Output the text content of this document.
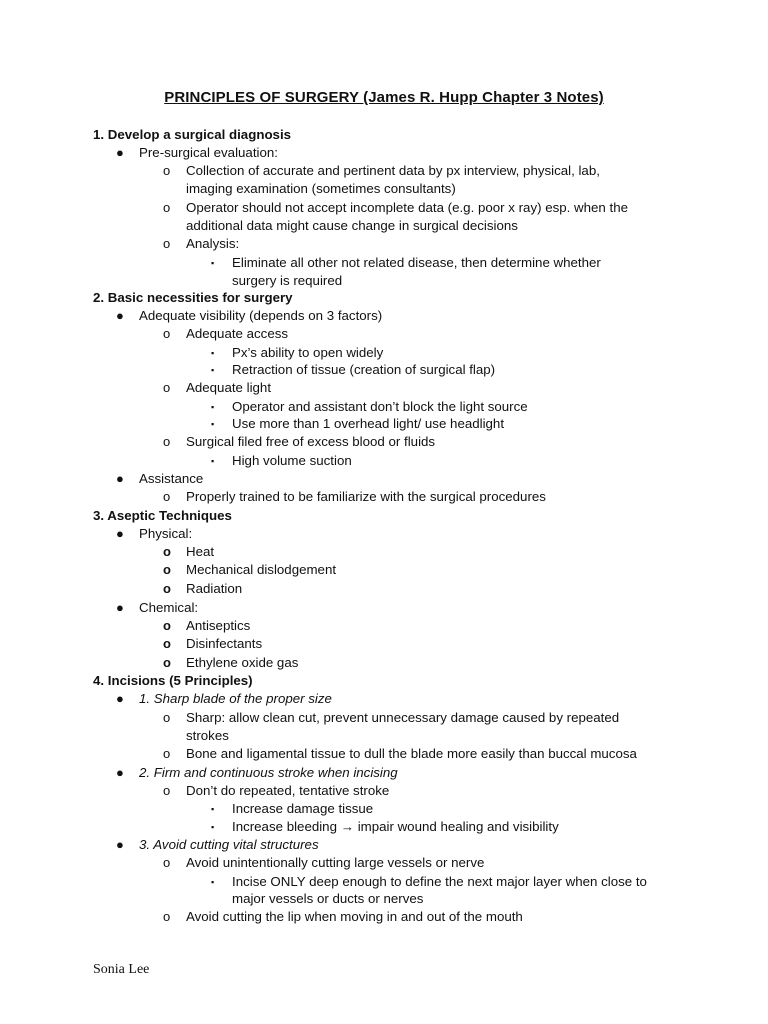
PRINCIPLES OF SURGERY (James R. Hupp Chapter 3 Notes)
1. Develop a surgical diagnosis
● Pre-surgical evaluation:
o Collection of accurate and pertinent data by px interview, physical, lab,
imaging examination (sometimes consultants)
o Operator should not accept incomplete data (e.g. poor x ray) esp. when the
additional data might cause change in surgical decisions
o Analysis:
▪ Eliminate all other not related disease, then determine whether
surgery is required
2. Basic necessities for surgery
● Adequate visibility (depends on 3 factors)
o Adequate access
▪ Px’s ability to open widely
▪ Retraction of tissue (creation of surgical flap)
o Adequate light
▪ Operator and assistant don’t block the light source
▪ Use more than 1 overhead light/ use headlight
o Surgical filed free of excess blood or fluids
▪ High volume suction
● Assistance
o Properly trained to be familiarize with the surgical procedures
3. Aseptic Techniques
● Physical:
o Heat
o Mechanical dislodgement
o Radiation
● Chemical:
o Antiseptics
o Disinfectants
o Ethylene oxide gas
4. Incisions (5 Principles)
● 1. Sharp blade of the proper size
o Sharp: allow clean cut, prevent unnecessary damage caused by repeated
strokes
o Bone and ligamental tissue to dull the blade more easily than buccal mucosa
● 2. Firm and continuous stroke when incising
o Don’t do repeated, tentative stroke
▪ Increase damage tissue
▪ Increase bleeding → impair wound healing and visibility
● 3. Avoid cutting vital structures
o Avoid unintentionally cutting large vessels or nerve
▪ Incise ONLY deep enough to define the next major layer when close to
major vessels or ducts or nerves
o Avoid cutting the lip when moving in and out of the mouth
Sonia Lee
